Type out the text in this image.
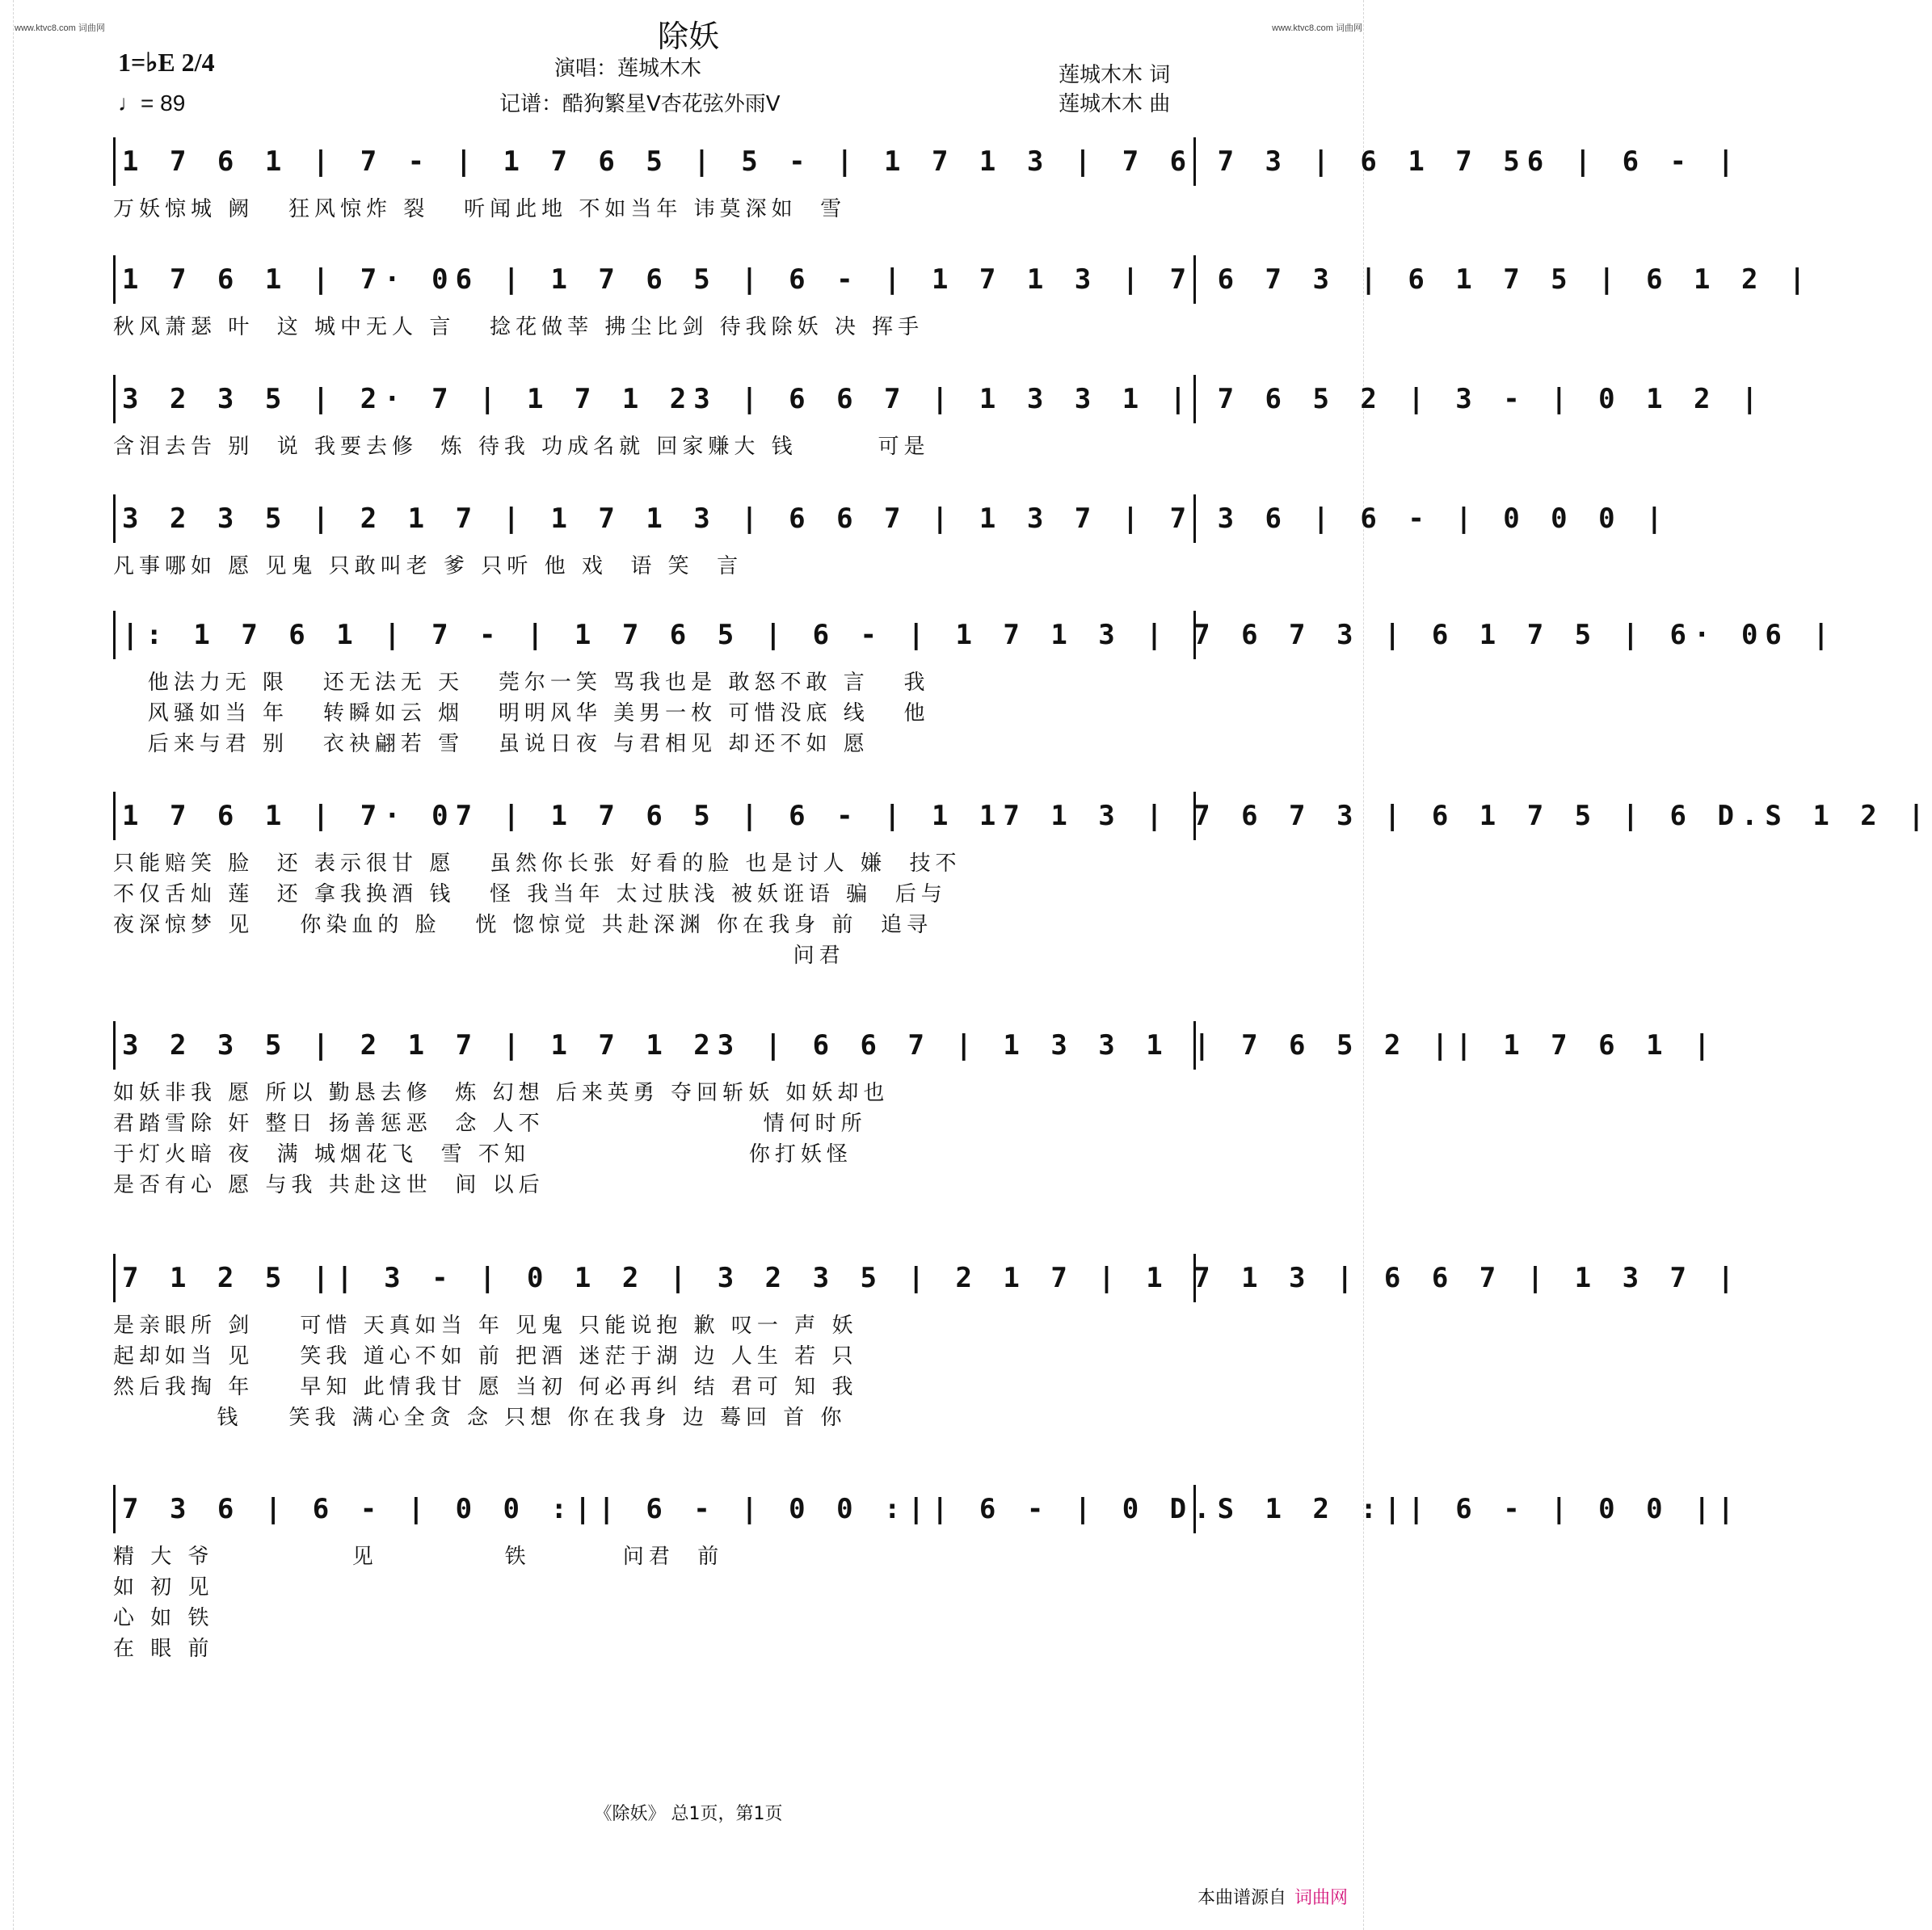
www.ktvc8.com 词曲网	www.ktvc8.com 词曲网
除妖
演唱：莲城木木
记谱：酷狗繁星V杏花弦外雨V
莲城木木 词
莲城木木 曲
1=♭E 2/4
♩= 89
1 7 6 1 | 7 - | 1 7 6 5 | 5 - | 1 7 1 3 | 7 6 7 3 | 6 1 7 56 | 6 - |
万妖惊城 阙   狂风惊炸 裂   听闻此地 不如当年 讳莫深如  雪
1 7 6 1 | 7· 06 | 1 7 6 5 | 6 - | 1 7 1 3 | 7 6 7 3 | 6 1 7 5 | 6 1 2 |
秋风萧瑟 叶  这 城中无人 言   捻花做莘 拂尘比剑 待我除妖 决 挥手
3 2 3 5 | 2· 7 | 1 7 1 23 | 6 6 7 | 1 3 3 1 | 7 6 5 2 | 3 - | 0 1 2 |
含泪去告 别  说 我要去修  炼 待我 功成名就 回家赚大 钱       可是
3 2 3 5 | 2 1 7 | 1 7 1 3 | 6 6 7 | 1 3 7 | 7 3 6 | 6 - | 0 0 0 |
凡事哪如 愿 见鬼 只敢叫老 爹 只听 他 戏  语 笑  言
|: 1 7 6 1 | 7 - | 1 7 6 5 | 6 - | 1 7 1 3 | 7 6 7 3 | 6 1 7 5 | 6· 06 |
他法力无 限   还无法无 天   莞尔一笑 骂我也是 敢怒不敢 言   我
风骚如当 年   转瞬如云 烟   明明风华 美男一枚 可惜没底 线   他
后来与君 别   衣袂翩若 雪   虽说日夜 与君相见 却还不如 愿
1 7 6 1 | 7· 07 | 1 7 6 5 | 6 - | 1 17 1 3 | 7 6 7 3 | 6 1 7 5 | 6 D.S 1 2 |
只能赔笑 脸  还 表示很甘 愿   虽然你长张 好看的脸 也是讨人 嫌  技不
不仅舌灿 莲  还 拿我换酒 钱   怪 我当年 太过肤浅 被妖诳语 骗  后与
夜深惊梦 见    你染血的 脸   恍 惚惊觉 共赴深渊 你在我身 前  追寻
问君
3 2 3 5 | 2 1 7 | 1 7 1 23 | 6 6 7 | 1 3 3 1 | 7 6 5 2 || 1 7 6 1 |
如妖非我 愿 所以 勤恳去修  炼 幻想 后来英勇 夺回斩妖 如妖却也
君踏雪除 奸 整日 扬善惩恶  念 人不                   情何时所
于灯火暗 夜  满 城烟花飞  雪 不知                   你打妖怪
是否有心 愿 与我 共赴这世  间 以后
7 1 2 5 || 3 - | 0 1 2 | 3 2 3 5 | 2 1 7 | 1 7 1 3 | 6 6 7 | 1 3 7 |
是亲眼所 剑    可惜 天真如当 年 见鬼 只能说抱 歉 叹一 声 妖
起却如当 见    笑我 道心不如 前 把酒 迷茫于湖 边 人生 若 只
然后我掏 年    早知 此情我甘 愿 当初 何必再纠 结 君可 知 我
钱    笑我 满心全贪 念 只想 你在我身 边 蓦回 首 你
7 3 6 | 6 - | 0 0 :|| 6 - | 0 0 :|| 6 - | 0 D.S 1 2 :|| 6 - | 0 0 ||
精 大 爷            见           铁        问君  前
如 初 见
心 如 铁
在 眼 前
《除妖》 总1页，第1页
本曲谱源自 词曲网
